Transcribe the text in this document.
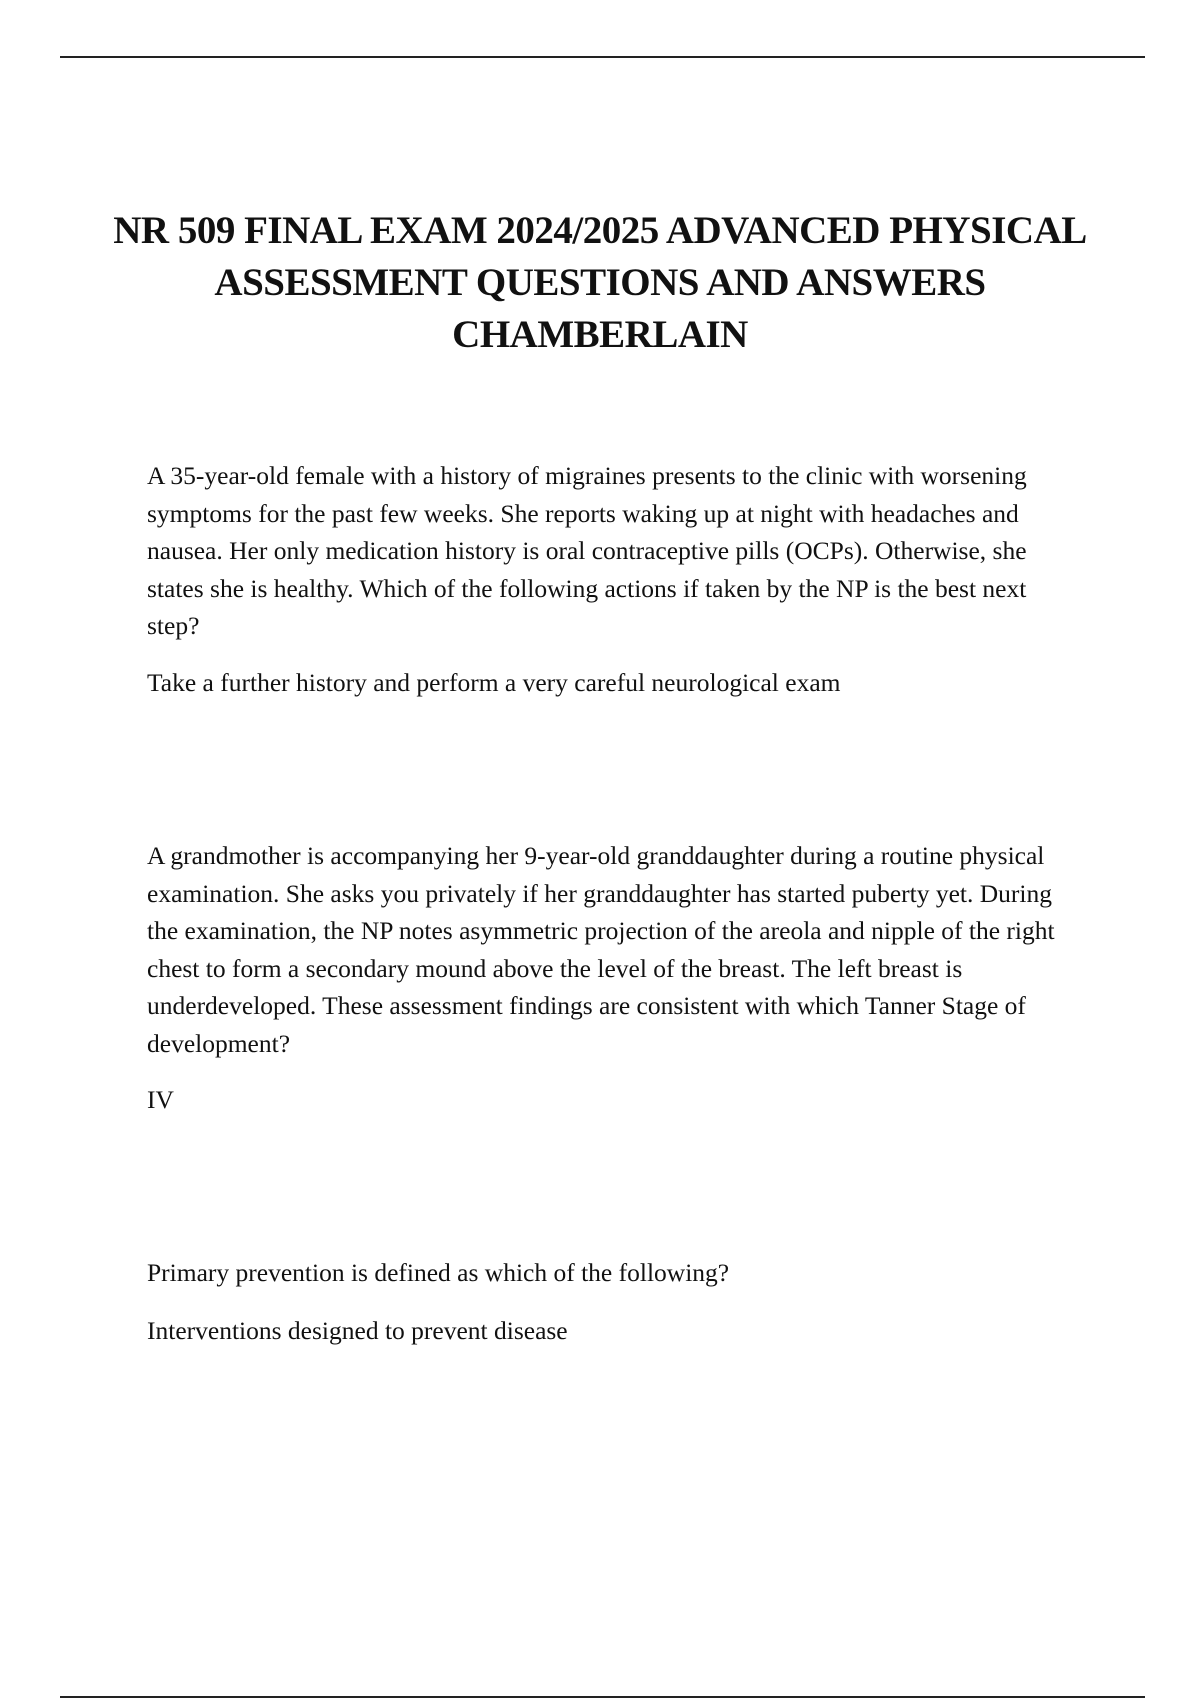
NR 509 FINAL EXAM 2024/2025 ADVANCED PHYSICAL ASSESSMENT QUESTIONS AND ANSWERS CHAMBERLAIN
A 35-year-old female with a history of migraines presents to the clinic with worsening symptoms for the past few weeks. She reports waking up at night with headaches and nausea. Her only medication history is oral contraceptive pills (OCPs). Otherwise, she states she is healthy. Which of the following actions if taken by the NP is the best next step?
Take a further history and perform a very careful neurological exam
A grandmother is accompanying her 9-year-old granddaughter during a routine physical examination. She asks you privately if her granddaughter has started puberty yet. During the examination, the NP notes asymmetric projection of the areola and nipple of the right chest to form a secondary mound above the level of the breast. The left breast is underdeveloped. These assessment findings are consistent with which Tanner Stage of development?
IV
Primary prevention is defined as which of the following?
Interventions designed to prevent disease
